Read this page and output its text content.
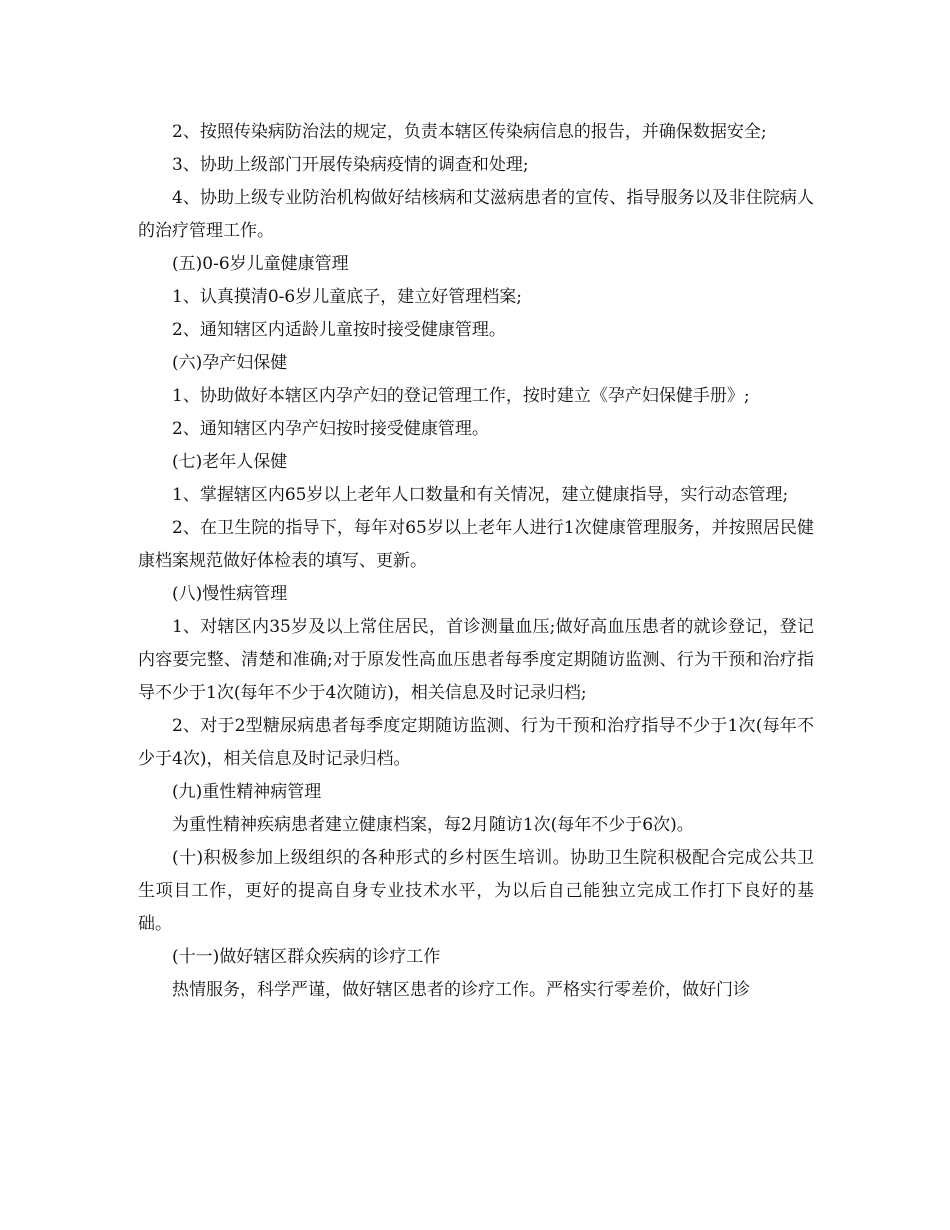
2、按照传染病防治法的规定，负责本辖区传染病信息的报告，并确保数据安全;

3、协助上级部门开展传染病疫情的调查和处理;

4、协助上级专业防治机构做好结核病和艾滋病患者的宣传、指导服务以及非住院病人的治疗管理工作。

(五)0-6岁儿童健康管理

1、认真摸清0-6岁儿童底子，建立好管理档案;

2、通知辖区内适龄儿童按时接受健康管理。

(六)孕产妇保健

1、协助做好本辖区内孕产妇的登记管理工作，按时建立《孕产妇保健手册》;

2、通知辖区内孕产妇按时接受健康管理。

(七)老年人保健

1、掌握辖区内65岁以上老年人口数量和有关情况，建立健康指导，实行动态管理;

2、在卫生院的指导下，每年对65岁以上老年人进行1次健康管理服务，并按照居民健康档案规范做好体检表的填写、更新。

(八)慢性病管理

1、对辖区内35岁及以上常住居民，首诊测量血压;做好高血压患者的就诊登记，登记内容要完整、清楚和准确;对于原发性高血压患者每季度定期随访监测、行为干预和治疗指导不少于1次(每年不少于4次随访)，相关信息及时记录归档;

2、对于2型糖尿病患者每季度定期随访监测、行为干预和治疗指导不少于1次(每年不少于4次)，相关信息及时记录归档。

(九)重性精神病管理

为重性精神疾病患者建立健康档案，每2月随访1次(每年不少于6次)。

(十)积极参加上级组织的各种形式的乡村医生培训。协助卫生院积极配合完成公共卫生项目工作，更好的提高自身专业技术水平，为以后自己能独立完成工作打下良好的基础。

(十一)做好辖区群众疾病的诊疗工作

热情服务，科学严谨，做好辖区患者的诊疗工作。严格实行零差价，做好门诊
